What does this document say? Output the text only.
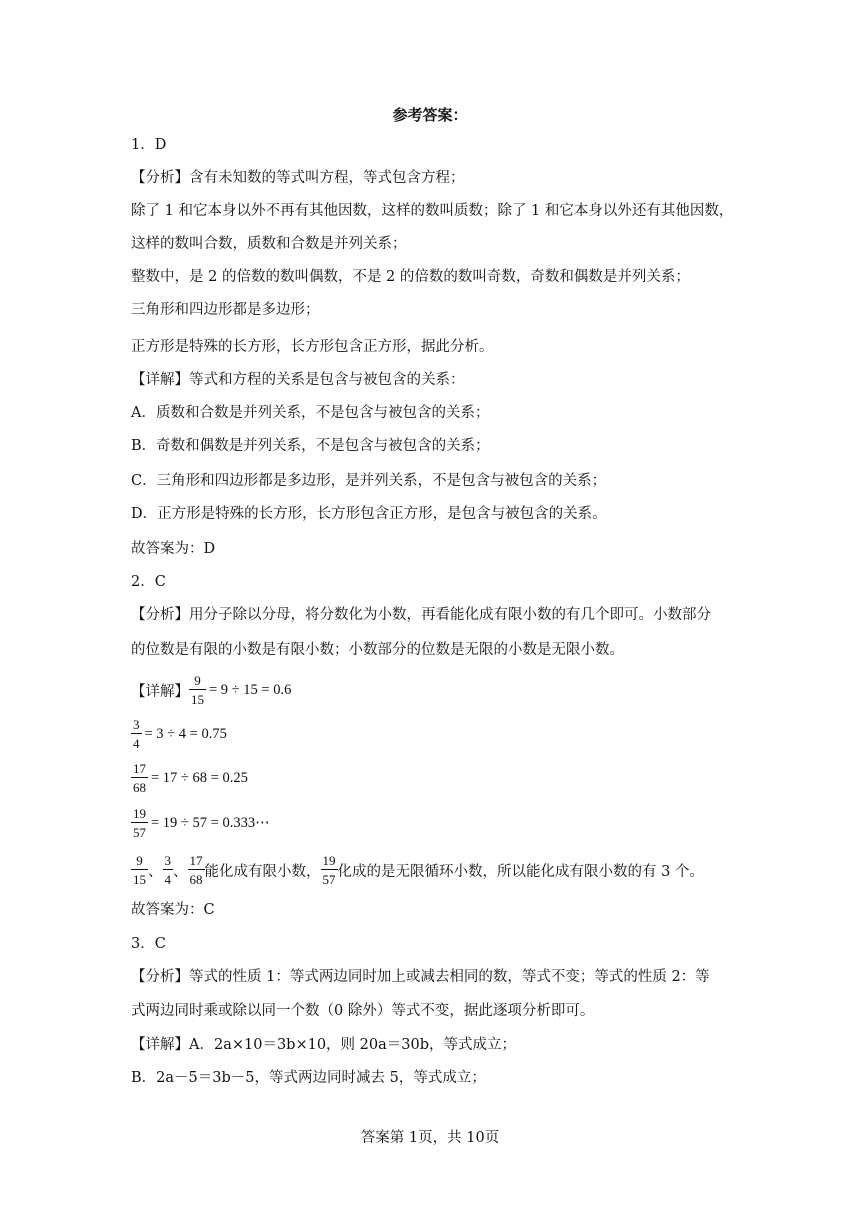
参考答案：
1．D
【分析】含有未知数的等式叫方程，等式包含方程；
除了 1 和它本身以外不再有其他因数，这样的数叫质数；除了 1 和它本身以外还有其他因数，
这样的数叫合数，质数和合数是并列关系；
整数中，是 2 的倍数的数叫偶数，不是 2 的倍数的数叫奇数，奇数和偶数是并列关系；
三角形和四边形都是多边形；
正方形是特殊的长方形，长方形包含正方形，据此分析。
【详解】等式和方程的关系是包含与被包含的关系：
A．质数和合数是并列关系，不是包含与被包含的关系；
B．奇数和偶数是并列关系，不是包含与被包含的关系；
C．三角形和四边形都是多边形，是并列关系，不是包含与被包含的关系；
D．正方形是特殊的长方形，长方形包含正方形，是包含与被包含的关系。
故答案为：D
2．C
【分析】用分子除以分母，将分数化为小数，再看能化成有限小数的有几个即可。小数部分
的位数是有限的小数是有限小数；小数部分的位数是无限的小数是无限小数。
【详解】 $\frac{9}{15} = 9 \div 15 = 0.6$
$\frac{3}{4} = 3 \div 4 = 0.75$
$\frac{17}{68} = 17 \div 68 = 0.25$
$\frac{19}{57} = 19 \div 57$ = 0.333⋯
$\frac{9}{15}$ 、 $\frac{3}{4}$ 、 $\frac{17}{68}$ 能化成有限小数， $\frac{19}{57}$ 化成的是无限循环小数，所以能化成有限小数的有 3 个。
故答案为：C
3．C
【分析】等式的性质 1：等式两边同时加上或减去相同的数，等式不变；等式的性质 2：等
式两边同时乘或除以同一个数（0 除外）等式不变，据此逐项分析即可。
【详解】A．2a×10＝3b×10，则 20a＝30b，等式成立；
B．2a－5＝3b－5，等式两边同时减去 5，等式成立；
答案第 1页，共 10页
